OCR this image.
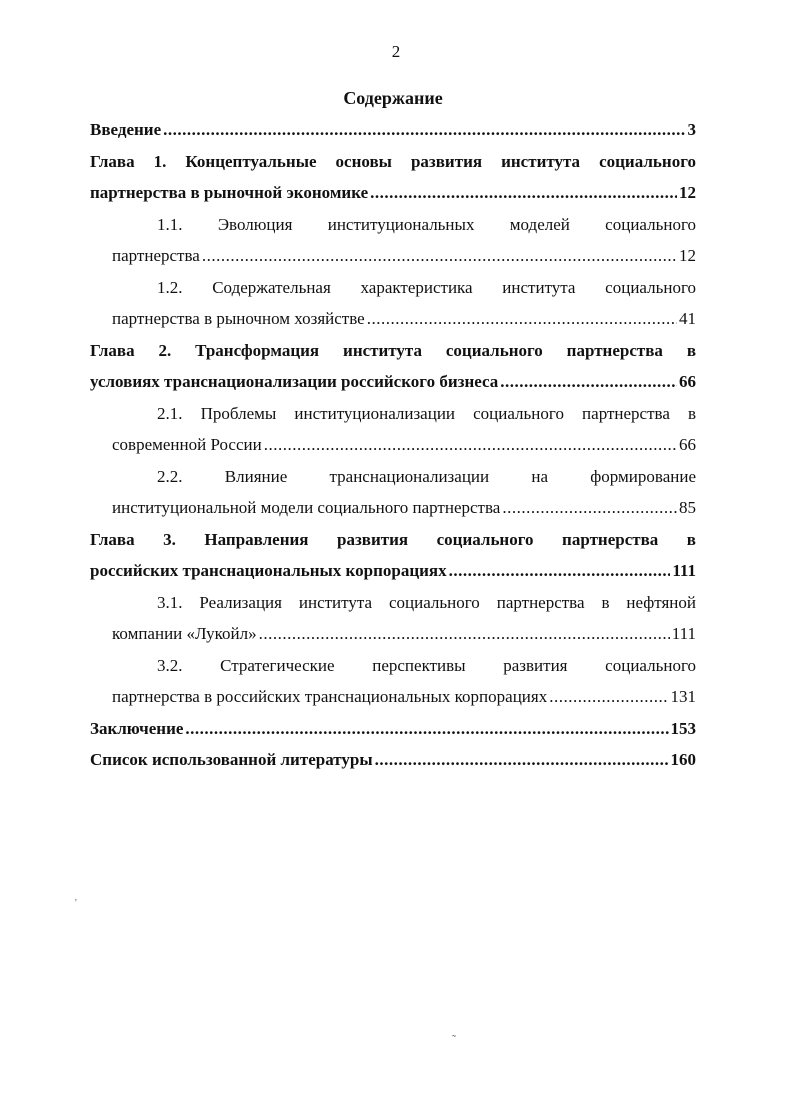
2
Содержание
Введение .....	3
Глава 1. Концептуальные основы развития института социального
партнерства в рыночной экономике .....	12
1.1. Эволюция институциональных моделей социального
партнерства .....	12
1.2. Содержательная характеристика института социального
партнерства в рыночном хозяйстве .....	41
Глава 2. Трансформация института социального партнерства в
условиях транснационализации российского бизнеса .....	66
2.1. Проблемы институционализации социального партнерства в
современной России .....	66
2.2. Влияние транснационализации на формирование
институциональной модели социального партнерства .....	85
Глава 3. Направления развития социального партнерства в
российских транснациональных корпорациях .....	111
3.1. Реализация института социального партнерства в нефтяной
компании «Лукойл» .....	111
3.2. Стратегические перспективы развития социального
партнерства в российских транснациональных корпорациях .....	131
Заключение .....	153
Список использованной литературы .....	160
'
˜
